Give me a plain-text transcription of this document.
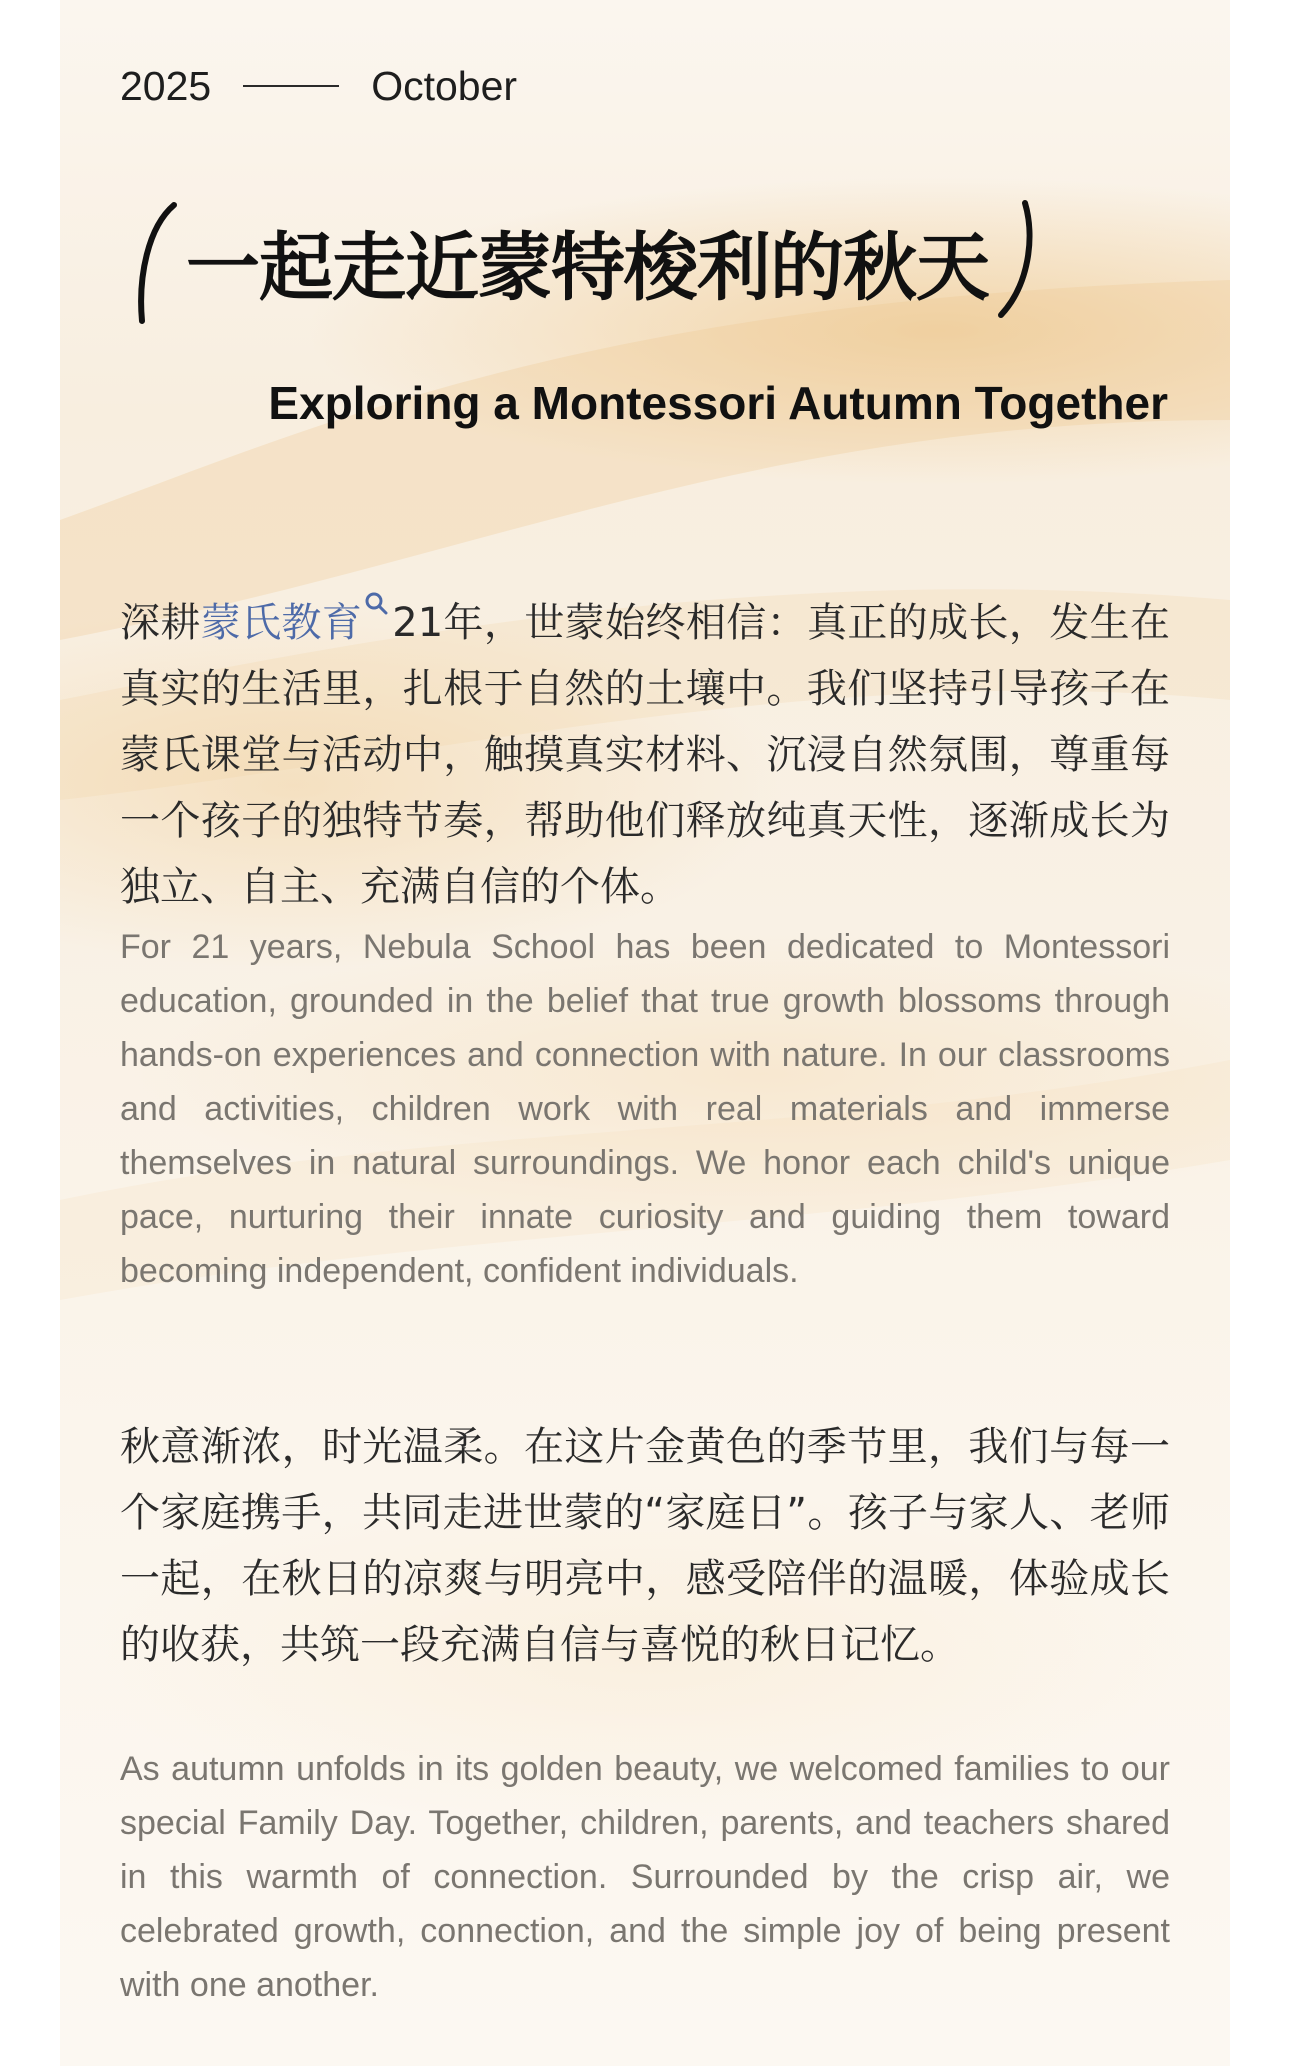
2025	October
一起走近蒙特梭利的秋天
Exploring a Montessori Autumn Together

深耕蒙氏教育 21年，世蒙始终相信：真正的成长，发生在真实的生活里，扎根于自然的土壤中。我们坚持引导孩子在蒙氏课堂与活动中，触摸真实材料、沉浸自然氛围，尊重每一个孩子的独特节奏，帮助他们释放纯真天性，逐渐成长为独立、自主、充满自信的个体。

For 21 years, Nebula School has been dedicated to Montessori education, grounded in the belief that true growth blossoms through hands-on experiences and connection with nature. In our classrooms and activities, children work with real materials and immerse themselves in natural surroundings. We honor each child's unique pace, nurturing their innate curiosity and guiding them toward becoming independent, confident individuals.

秋意渐浓，时光温柔。在这片金黄色的季节里，我们与每一个家庭携手，共同走进世蒙的“家庭日”。孩子与家人、老师一起，在秋日的凉爽与明亮中，感受陪伴的温暖，体验成长的收获，共筑一段充满自信与喜悦的秋日记忆。

As autumn unfolds in its golden beauty, we welcomed families to our special Family Day. Together, children, parents, and teachers shared in this warmth of connection. Surrounded by the crisp air, we celebrated growth, connection, and the simple joy of being present with one another.
